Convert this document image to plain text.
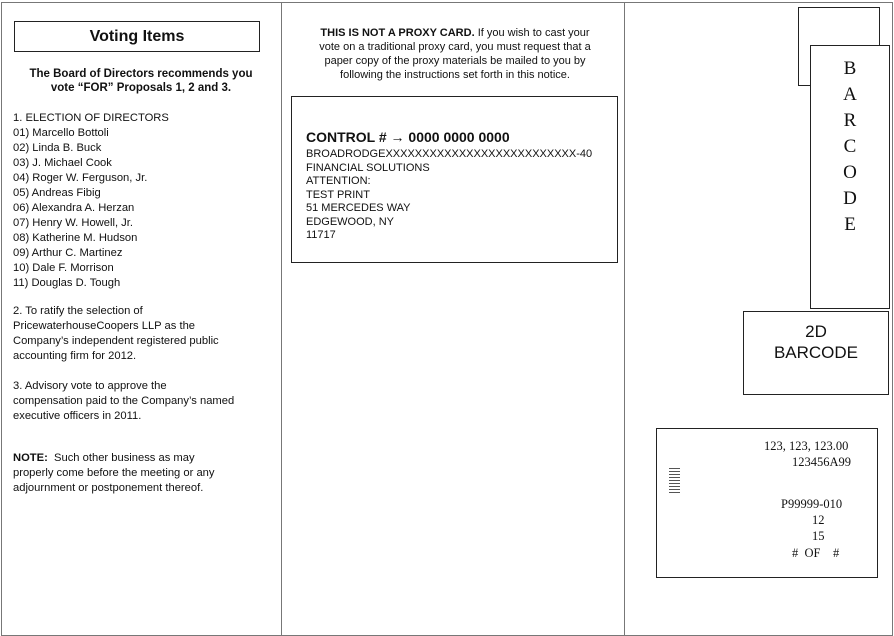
Voting Items
The Board of Directors recommends you
vote “FOR” Proposals 1, 2 and 3.
1. ELECTION OF DIRECTORS
01) Marcello Bottoli
02) Linda B. Buck
03) J. Michael Cook
04) Roger W. Ferguson, Jr.
05) Andreas Fibig
06) Alexandra A. Herzan
07) Henry W. Howell, Jr.
08) Katherine M. Hudson
09) Arthur C. Martinez
10) Dale F. Morrison
11) Douglas D. Tough
2. To ratify the selection of
PricewaterhouseCoopers LLP as the
Company’s independent registered public
accounting firm for 2012.
3. Advisory vote to approve the
compensation paid to the Company’s named
executive officers in 2011.
NOTE: Such other business as may
properly come before the meeting or any
adjournment or postponement thereof.
THIS IS NOT A PROXY CARD. If you wish to cast your
vote on a traditional proxy card, you must request that a
paper copy of the proxy materials be mailed to you by
following the instructions set forth in this notice.
CONTROL # → 0000 0000 0000
BROADRODGEXXXXXXXXXXXXXXXXXXXXXXXXXX-40
FINANCIAL SOLUTIONS
ATTENTION:
TEST PRINT
51 MERCEDES WAY
EDGEWOOD, NY
11717
B
A
R
C
O
D
E
2D
BARCODE
123, 123, 123.00
123456A99
P99999-010
12
15
#  OF    #
